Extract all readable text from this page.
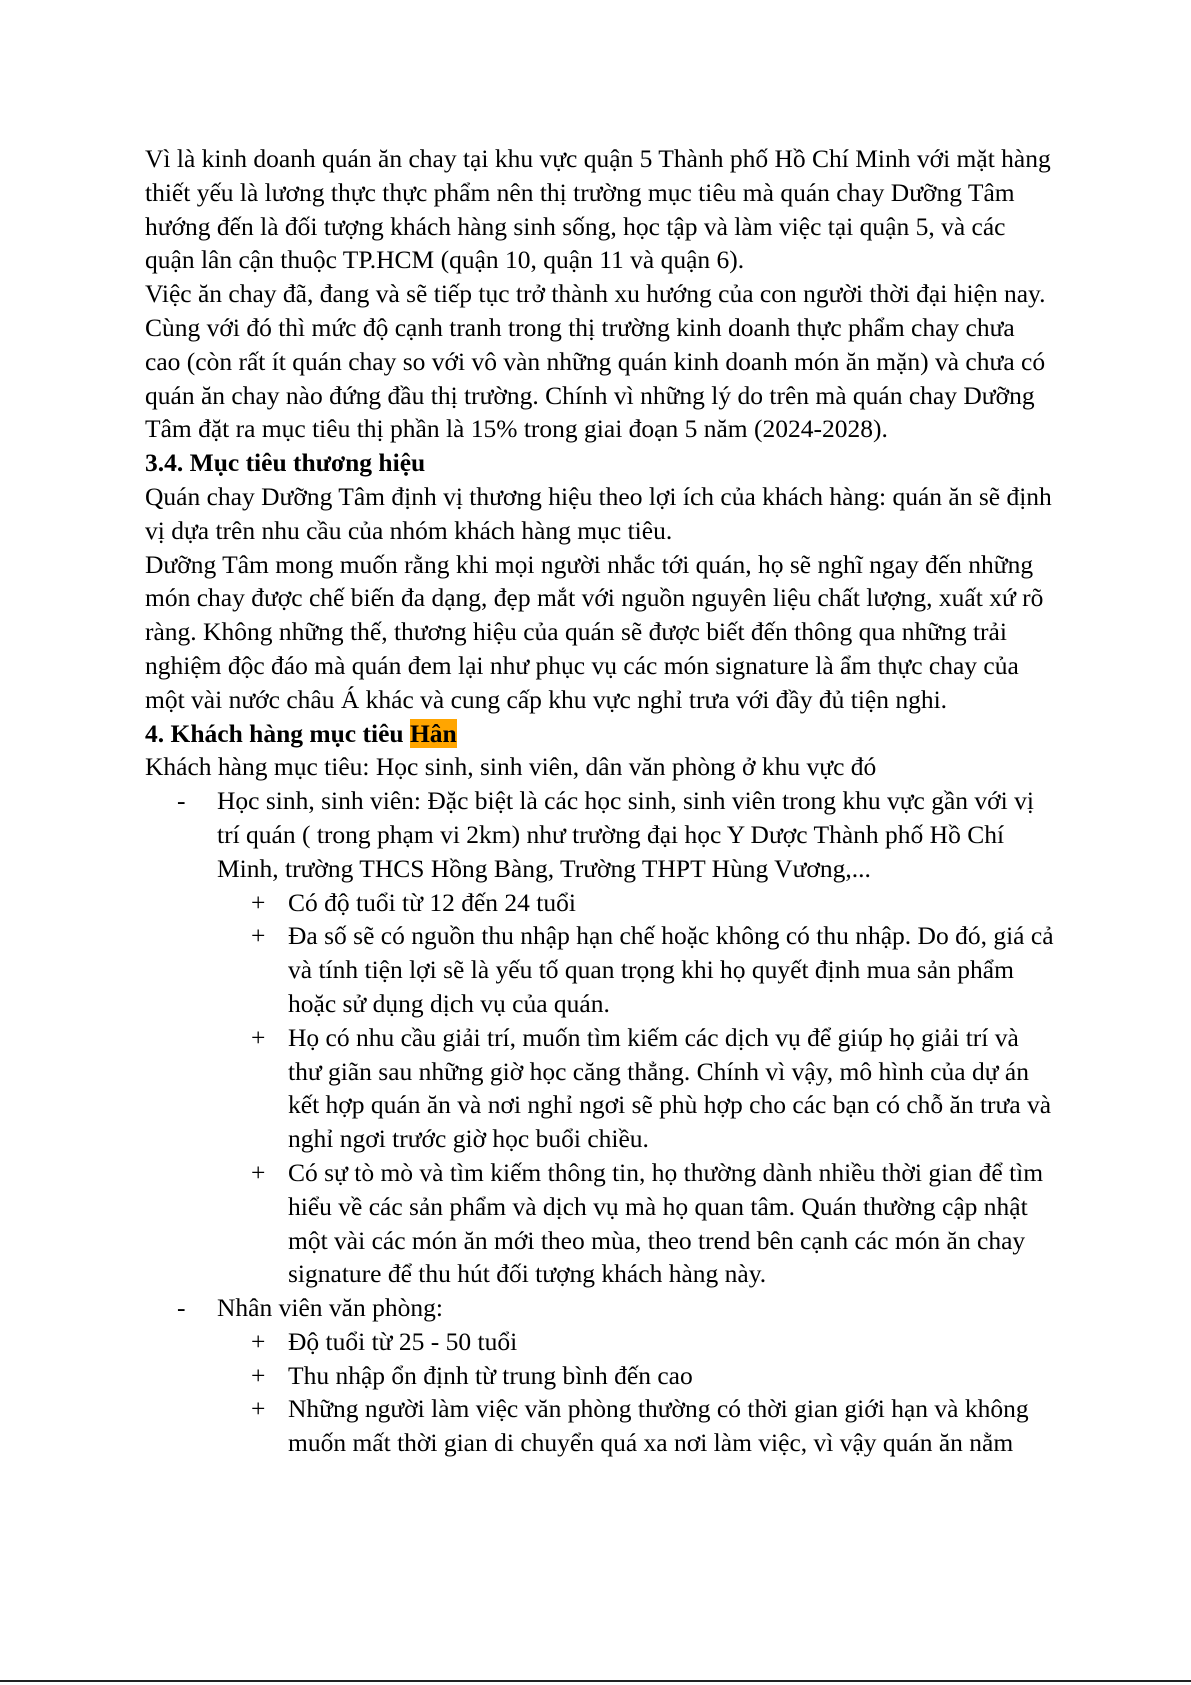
Vì là kinh doanh quán ăn chay tại khu vực quận 5 Thành phố Hồ Chí Minh với mặt hàng thiết yếu là lương thực thực phẩm nên thị trường mục tiêu mà quán chay Dưỡng Tâm hướng đến là đối tượng khách hàng sinh sống, học tập và làm việc tại quận 5, và các quận lân cận thuộc TP.HCM (quận 10, quận 11 và quận 6).

Việc ăn chay đã, đang và sẽ tiếp tục trở thành xu hướng của con người thời đại hiện nay. Cùng với đó thì mức độ cạnh tranh trong thị trường kinh doanh thực phẩm chay chưa cao (còn rất ít quán chay so với vô vàn những quán kinh doanh món ăn mặn) và chưa có quán ăn chay nào đứng đầu thị trường. Chính vì những lý do trên mà quán chay Dưỡng Tâm đặt ra mục tiêu thị phần là 15% trong giai đoạn 5 năm (2024-2028).

3.4. Mục tiêu thương hiệu

Quán chay Dưỡng Tâm định vị thương hiệu theo lợi ích của khách hàng: quán ăn sẽ định vị dựa trên nhu cầu của nhóm khách hàng mục tiêu.

Dưỡng Tâm mong muốn rằng khi mọi người nhắc tới quán, họ sẽ nghĩ ngay đến những món chay được chế biến đa dạng, đẹp mắt với nguồn nguyên liệu chất lượng, xuất xứ rõ ràng. Không những thế, thương hiệu của quán sẽ được biết đến thông qua những trải nghiệm độc đáo mà quán đem lại như phục vụ các món signature là ẩm thực chay của một vài nước châu Á khác và cung cấp khu vực nghỉ trưa với đầy đủ tiện nghi.

4. Khách hàng mục tiêu Hân

Khách hàng mục tiêu: Học sinh, sinh viên, dân văn phòng ở khu vực đó

- Học sinh, sinh viên: Đặc biệt là các học sinh, sinh viên trong khu vực gần với vị trí quán ( trong phạm vi 2km) như trường đại học Y Dược Thành phố Hồ Chí Minh, trường THCS Hồng Bàng, Trường THPT Hùng Vương,...
+ Có độ tuổi từ 12 đến 24 tuổi
+ Đa số sẽ có nguồn thu nhập hạn chế hoặc không có thu nhập. Do đó, giá cả và tính tiện lợi sẽ là yếu tố quan trọng khi họ quyết định mua sản phẩm hoặc sử dụng dịch vụ của quán.
+ Họ có nhu cầu giải trí, muốn tìm kiếm các dịch vụ để giúp họ giải trí và thư giãn sau những giờ học căng thẳng. Chính vì vậy, mô hình của dự án kết hợp quán ăn và nơi nghỉ ngơi sẽ phù hợp cho các bạn có chỗ ăn trưa và nghỉ ngơi trước giờ học buổi chiều.
+ Có sự tò mò và tìm kiếm thông tin, họ thường dành nhiều thời gian để tìm hiểu về các sản phẩm và dịch vụ mà họ quan tâm. Quán thường cập nhật một vài các món ăn mới theo mùa, theo trend bên cạnh các món ăn chay signature để thu hút đối tượng khách hàng này.
- Nhân viên văn phòng:
+ Độ tuổi từ 25 - 50 tuổi
+ Thu nhập ổn định từ trung bình đến cao
+ Những người làm việc văn phòng thường có thời gian giới hạn và không muốn mất thời gian di chuyển quá xa nơi làm việc, vì vậy quán ăn nằm
